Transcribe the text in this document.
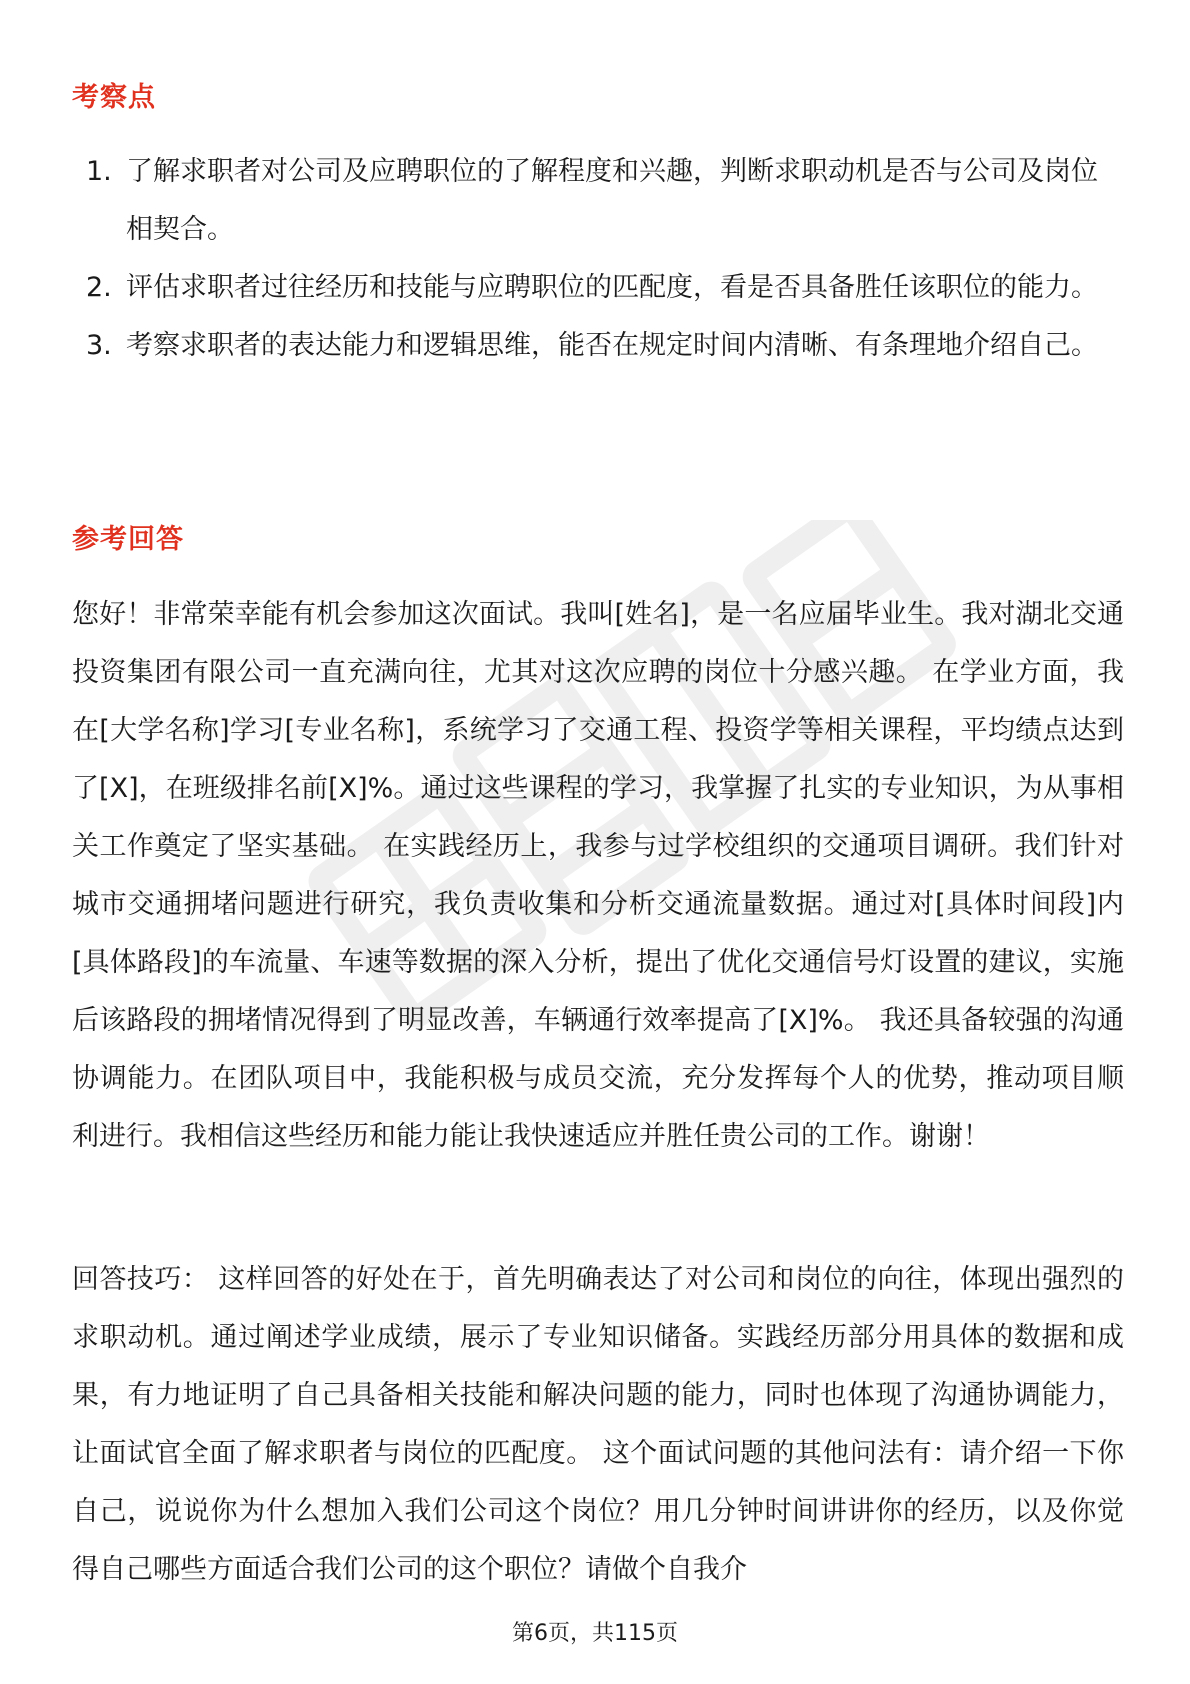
考察点
1. 了解求职者对公司及应聘职位的了解程度和兴趣，判断求职动机是否与公司及岗位相契合。
2. 评估求职者过往经历和技能与应聘职位的匹配度，看是否具备胜任该职位的能力。
3. 考察求职者的表达能力和逻辑思维，能否在规定时间内清晰、有条理地介绍自己。
参考回答

您好！非常荣幸能有机会参加这次面试。我叫[姓名]，是一名应届毕业生。我对湖北交通投资集团有限公司一直充满向往，尤其对这次应聘的岗位十分感兴趣。 在学业方面，我在[大学名称]学习[专业名称]，系统学习了交通工程、投资学等相关课程，平均绩点达到了[X]，在班级排名前[X]%。通过这些课程的学习，我掌握了扎实的专业知识，为从事相关工作奠定了坚实基础。 在实践经历上，我参与过学校组织的交通项目调研。我们针对城市交通拥堵问题进行研究，我负责收集和分析交通流量数据。通过对[具体时间段]内[具体路段]的车流量、车速等数据的深入分析，提出了优化交通信号灯设置的建议，实施后该路段的拥堵情况得到了明显改善，车辆通行效率提高了[X]%。 我还具备较强的沟通协调能力。在团队项目中，我能积极与成员交流，充分发挥每个人的优势，推动项目顺利进行。我相信这些经历和能力能让我快速适应并胜任贵公司的工作。谢谢！

回答技巧： 这样回答的好处在于，首先明确表达了对公司和岗位的向往，体现出强烈的求职动机。通过阐述学业成绩，展示了专业知识储备。实践经历部分用具体的数据和成果，有力地证明了自己具备相关技能和解决问题的能力，同时也体现了沟通协调能力，让面试官全面了解求职者与岗位的匹配度。 这个面试问题的其他问法有：请介绍一下你自己，说说你为什么想加入我们公司这个岗位？用几分钟时间讲讲你的经历，以及你觉得自己哪些方面适合我们公司的这个职位？请做个自我介

第6页，共115页
